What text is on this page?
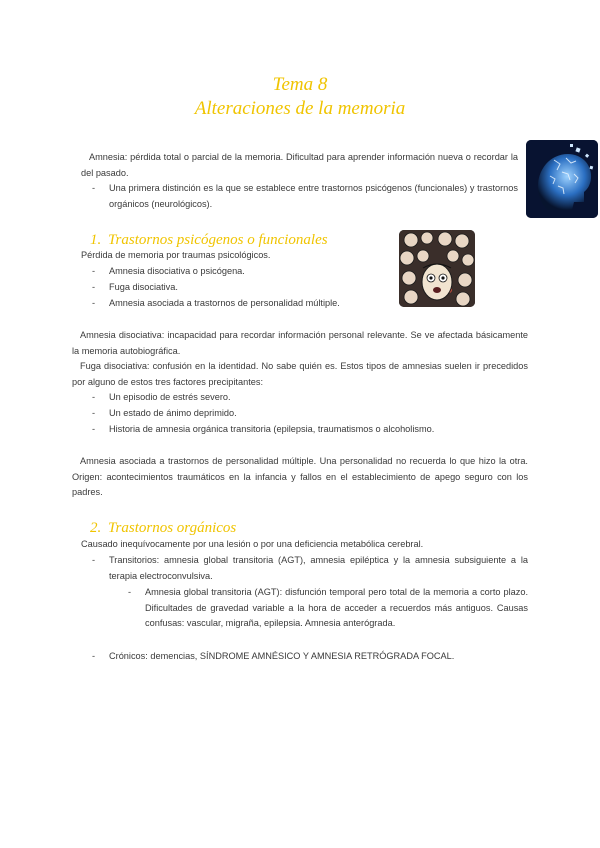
Tema 8
Alteraciones de la memoria

Amnesia: pérdida total o parcial de la memoria. Dificultad para aprender información nueva o recordar la del pasado.

- Una primera distinción es la que se establece entre trastornos psicógenos (funcionales) y trastornos orgánicos (neurológicos).
1. Trastornos psicógenos o funcionales

Pérdida de memoria por traumas psicológicos.

- Amnesia disociativa o psicógena.
- Fuga disociativa.
- Amnesia asociada a trastornos de personalidad múltiple.

Amnesia disociativa: incapacidad para recordar información personal relevante. Se ve afectada básicamente la memoria autobiográfica.

Fuga disociativa: confusión en la identidad. No sabe quién es. Estos tipos de amnesias suelen ir precedidos por alguno de estos tres factores precipitantes:

- Un episodio de estrés severo.
- Un estado de ánimo deprimido.
- Historia de amnesia orgánica transitoria (epilepsia, traumatismos o alcoholismo.

Amnesia asociada a trastornos de personalidad múltiple. Una personalidad no recuerda lo que hizo la otra. Origen: acontecimientos traumáticos en la infancia y fallos en el establecimiento de apego seguro con los padres.

2. Trastornos orgánicos

Causado inequívocamente por una lesión o por una deficiencia metabólica cerebral.

- Transitorios: amnesia global transitoria (AGT), amnesia epiléptica y la amnesia subsiguiente a la terapia electroconvulsiva.
- Amnesia global transitoria (AGT): disfunción temporal pero total de la memoria a corto plazo. Dificultades de gravedad variable a la hora de acceder a recuerdos más antiguos. Causas confusas: vascular, migraña, epilepsia. Amnesia anterógrada.
- Crónicos: demencias, SÍNDROME AMNÉSICO Y AMNESIA RETRÓGRADA FOCAL.
